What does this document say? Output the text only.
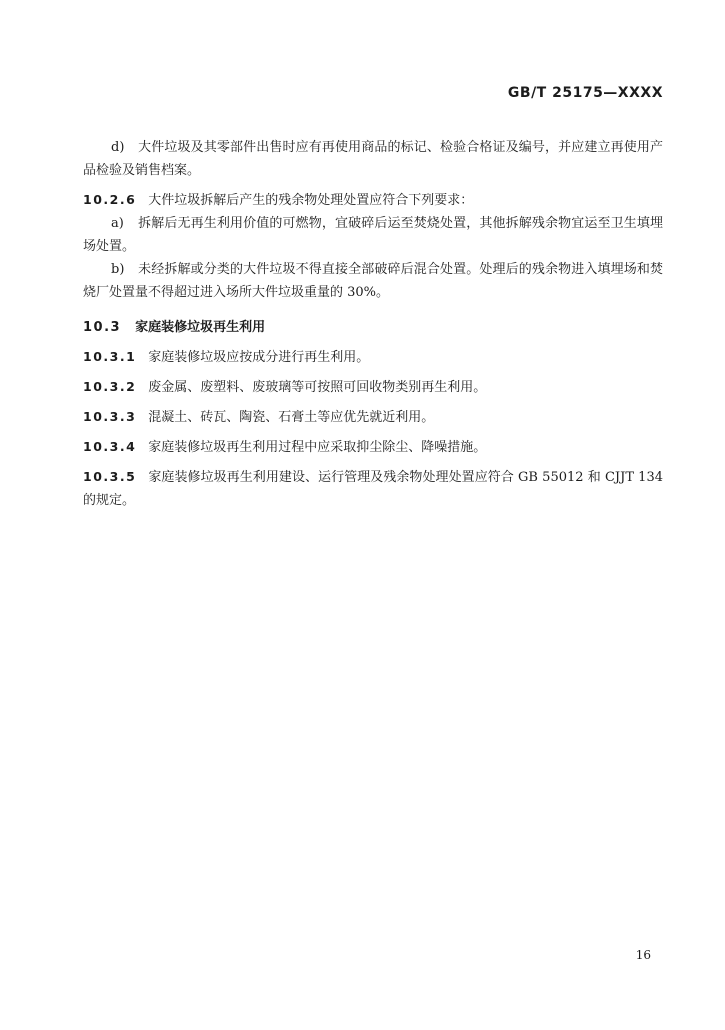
GB/T 25175—XXXX

d) 大件垃圾及其零部件出售时应有再使用商品的标记、检验合格证及编号，并应建立再使用产品检验及销售档案。

10.2.6 大件垃圾拆解后产生的残余物处理处置应符合下列要求：

a) 拆解后无再生利用价值的可燃物，宜破碎后运至焚烧处置，其他拆解残余物宜运至卫生填埋场处置。

b) 未经拆解或分类的大件垃圾不得直接全部破碎后混合处置。处理后的残余物进入填埋场和焚烧厂处置量不得超过进入场所大件垃圾重量的 30%。

10.3 家庭装修垃圾再生利用

10.3.1 家庭装修垃圾应按成分进行再生利用。

10.3.2 废金属、废塑料、废玻璃等可按照可回收物类别再生利用。

10.3.3 混凝土、砖瓦、陶瓷、石膏土等应优先就近利用。

10.3.4 家庭装修垃圾再生利用过程中应采取抑尘除尘、降噪措施。

10.3.5 家庭装修垃圾再生利用建设、运行管理及残余物处理处置应符合 GB 55012 和 CJJT 134 的规定。

16
